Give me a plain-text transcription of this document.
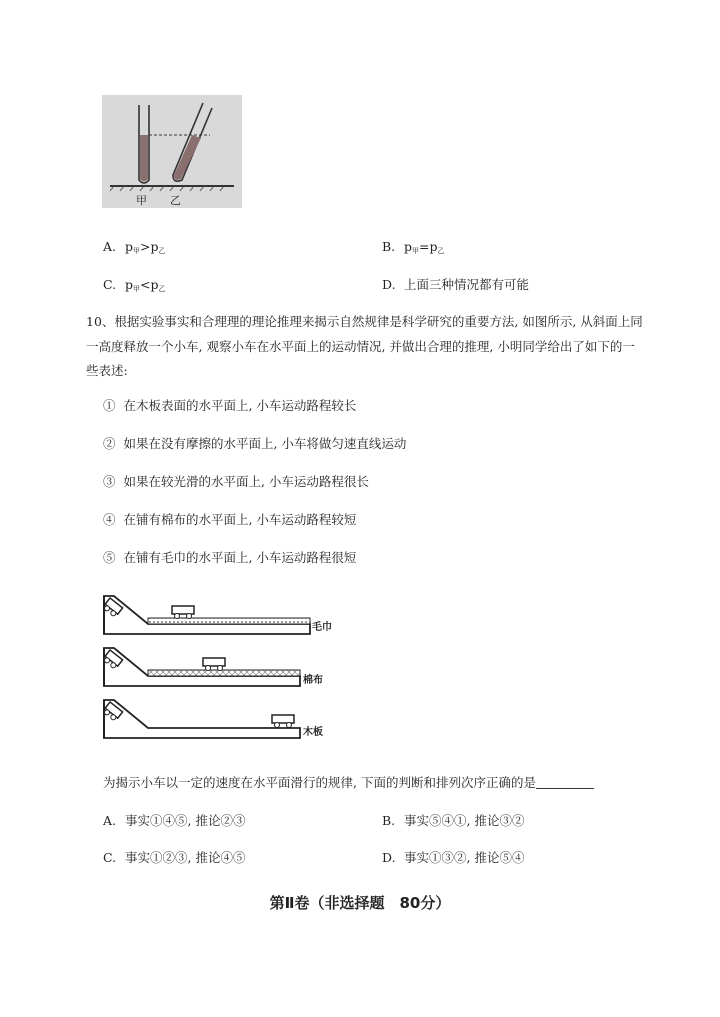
甲 乙
A. $p_甲>p_乙$	B. $p_甲=p_乙$
C. $p_甲<p_乙$	D. 上面三种情况都有可能
10、根据实验事实和合理理的理论推理来揭示自然规律是科学研究的重要方法, 如图所示, 从斜面上同一高度释放一个小车, 观察小车在水平面上的运动情况, 并做出合理的推理, 小明同学给出了如下的一些表述:
① 在木板表面的水平面上, 小车运动路程较长
② 如果在没有摩擦的水平面上, 小车将做匀速直线运动
③ 如果在较光滑的水平面上, 小车运动路程很长
④ 在铺有棉布的水平面上, 小车运动路程较短
⑤ 在铺有毛巾的水平面上, 小车运动路程很短
毛巾
棉布
木板
为揭示小车以一定的速度在水平面滑行的规律, 下面的判断和排列次序正确的是
A. 事实①④⑤, 推论②③	B. 事实⑤④①, 推论③②
C. 事实①②③, 推论④⑤	D. 事实①③②, 推论⑤④
第Ⅱ卷（非选择题　80分）
